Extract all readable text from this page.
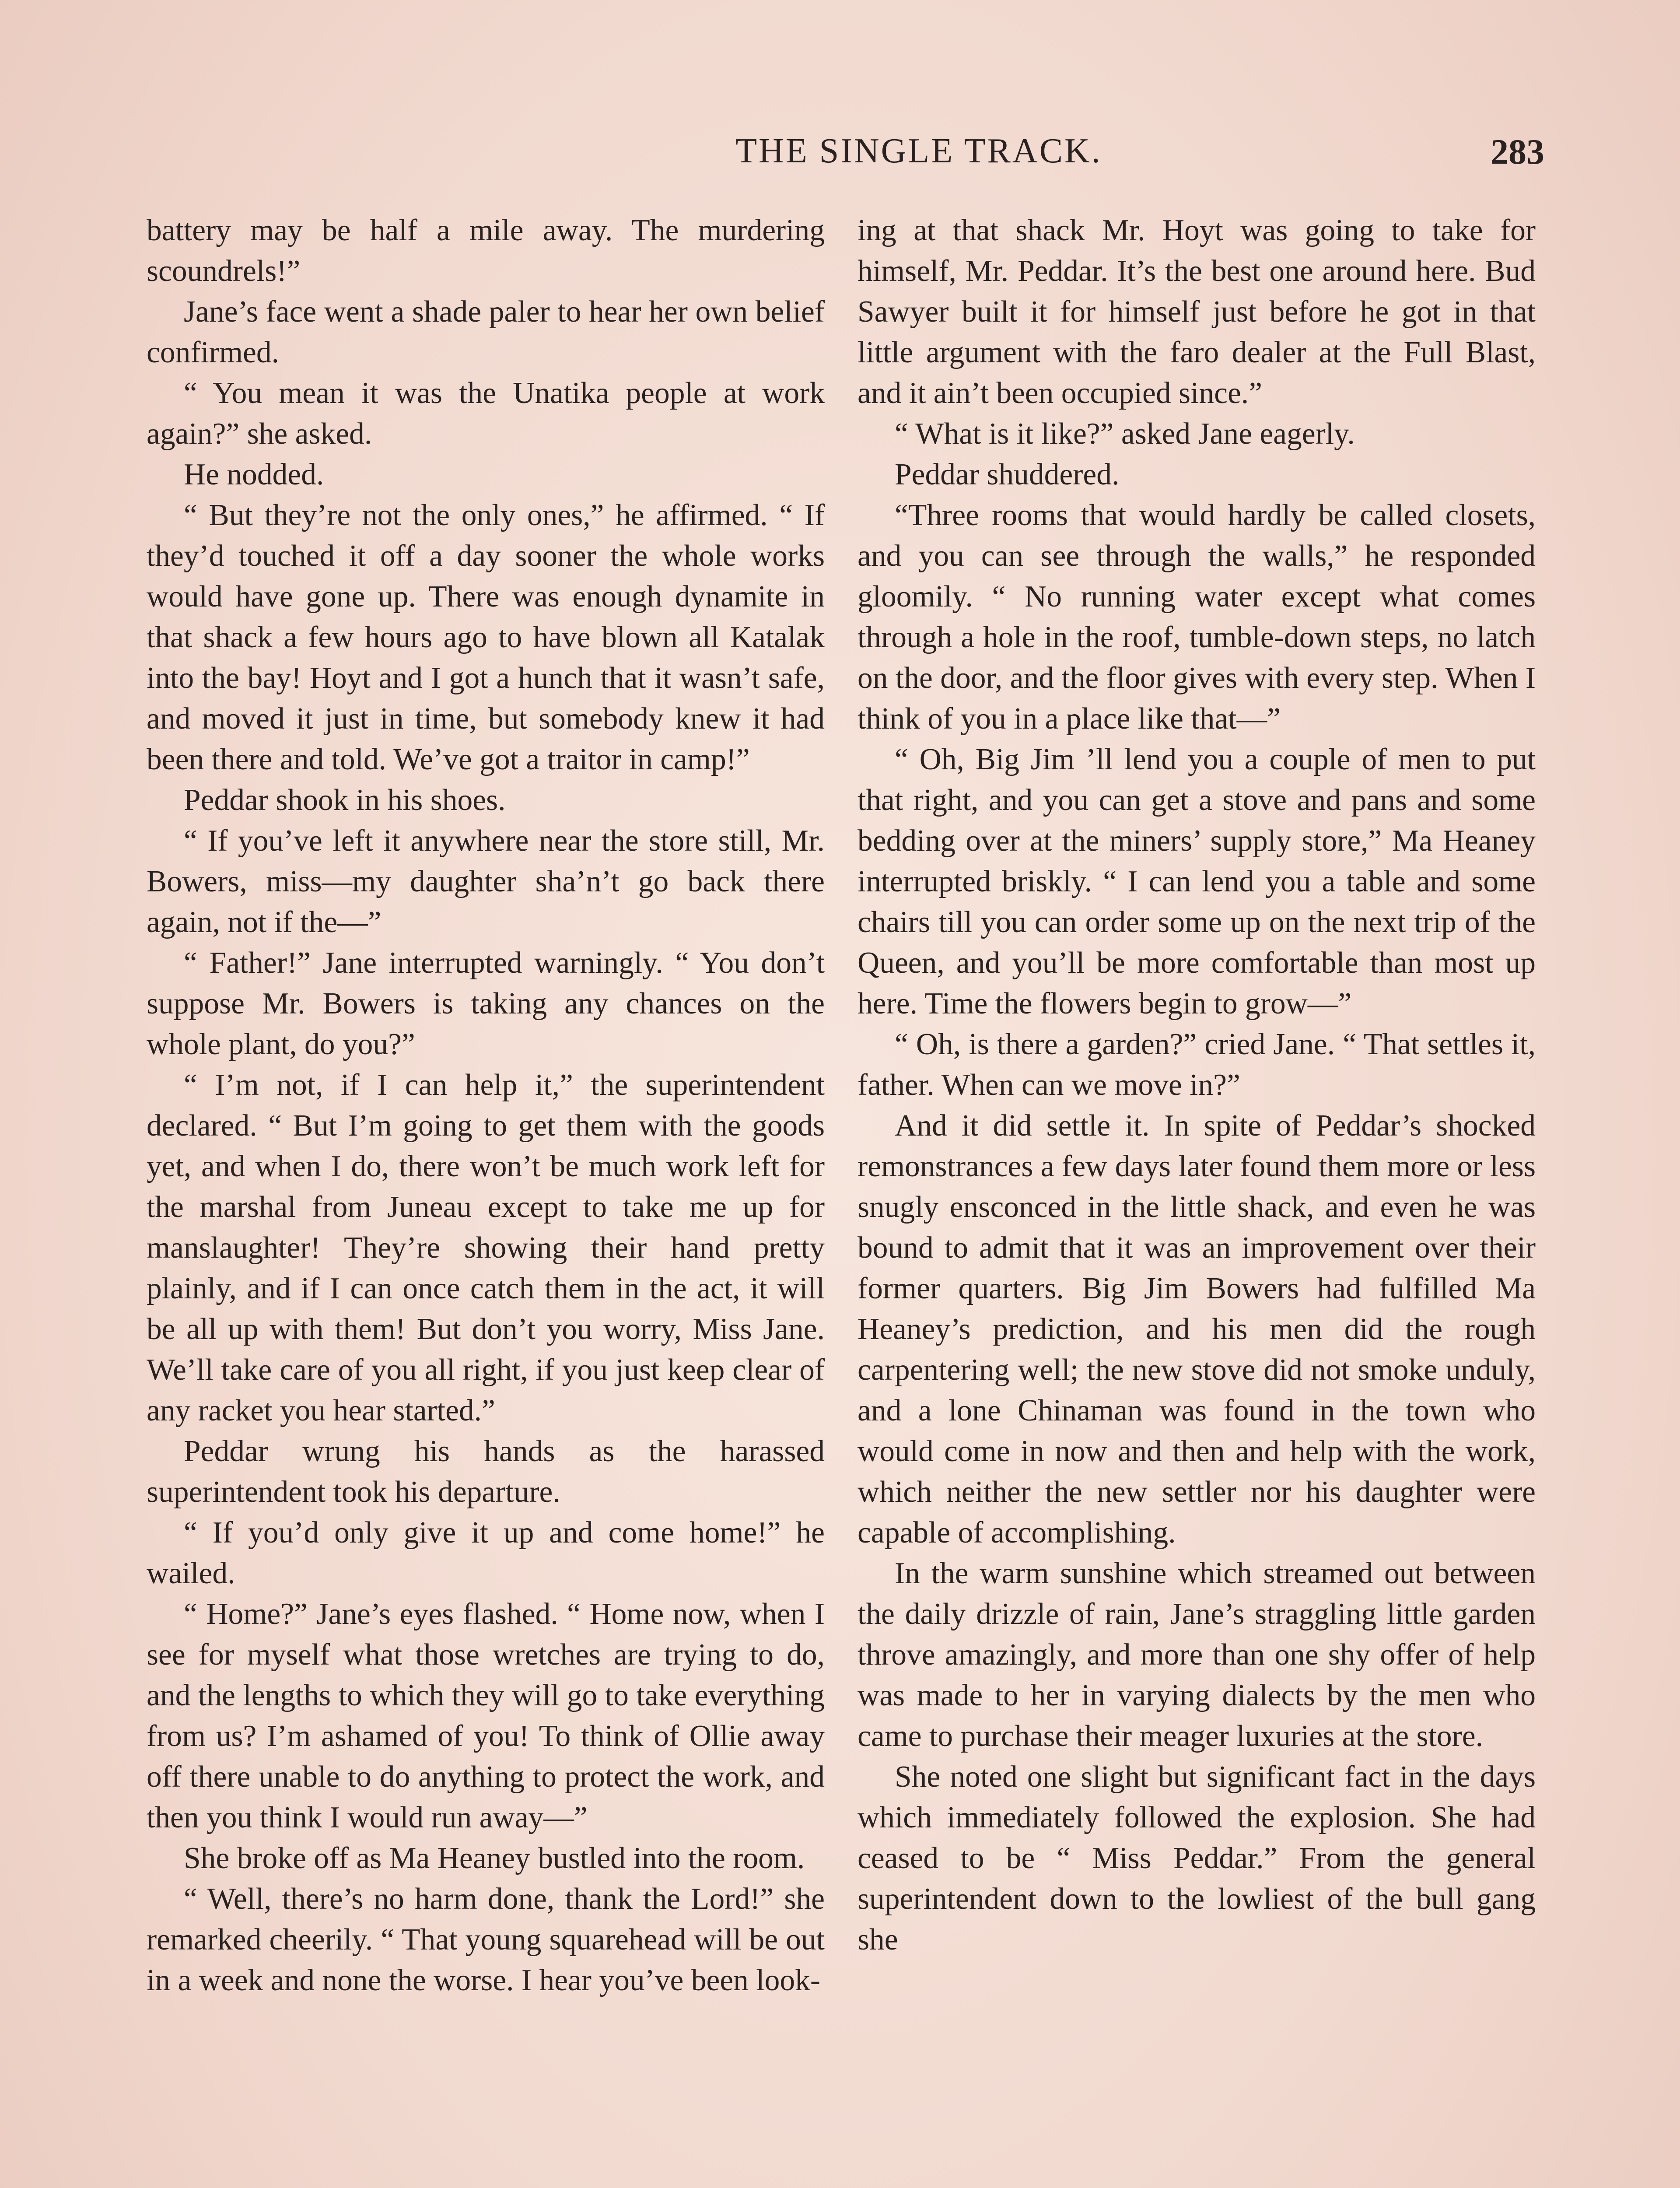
THE SINGLE TRACK.	283

battery may be half a mile away. The murdering scoundrels!”

Jane’s face went a shade paler to hear her own belief confirmed.

“ You mean it was the Unatika people at work again?” she asked.

He nodded.

“ But they’re not the only ones,” he affirmed. “ If they’d touched it off a day sooner the whole works would have gone up. There was enough dynamite in that shack a few hours ago to have blown all Katalak into the bay! Hoyt and I got a hunch that it wasn’t safe, and moved it just in time, but somebody knew it had been there and told. We’ve got a traitor in camp!”

Peddar shook in his shoes.

“ If you’ve left it anywhere near the store still, Mr. Bowers, miss—my daughter sha’n’t go back there again, not if the—”

“ Father!” Jane interrupted warningly. “ You don’t suppose Mr. Bowers is taking any chances on the whole plant, do you?”

“ I’m not, if I can help it,” the superintendent declared. “ But I’m going to get them with the goods yet, and when I do, there won’t be much work left for the marshal from Juneau except to take me up for manslaughter! They’re showing their hand pretty plainly, and if I can once catch them in the act, it will be all up with them! But don’t you worry, Miss Jane. We’ll take care of you all right, if you just keep clear of any racket you hear started.”

Peddar wrung his hands as the harassed superintendent took his departure.

“ If you’d only give it up and come home!” he wailed.

“ Home?” Jane’s eyes flashed. “ Home now, when I see for myself what those wretches are trying to do, and the lengths to which they will go to take everything from us? I’m ashamed of you! To think of Ollie away off there unable to do anything to protect the work, and then you think I would run away—”

She broke off as Ma Heaney bustled into the room.

“ Well, there’s no harm done, thank the Lord!” she remarked cheerily. “ That young squarehead will be out in a week and none the worse. I hear you’ve been look-

ing at that shack Mr. Hoyt was going to take for himself, Mr. Peddar. It’s the best one around here. Bud Sawyer built it for himself just before he got in that little argument with the faro dealer at the Full Blast, and it ain’t been occupied since.”

“ What is it like?” asked Jane eagerly.

Peddar shuddered.

“Three rooms that would hardly be called closets, and you can see through the walls,” he responded gloomily. “ No running water except what comes through a hole in the roof, tumble-down steps, no latch on the door, and the floor gives with every step. When I think of you in a place like that—”

“ Oh, Big Jim ’ll lend you a couple of men to put that right, and you can get a stove and pans and some bedding over at the miners’ supply store,” Ma Heaney interrupted briskly. “ I can lend you a table and some chairs till you can order some up on the next trip of the Queen, and you’ll be more comfortable than most up here. Time the flowers begin to grow—”

“ Oh, is there a garden?” cried Jane. “ That settles it, father. When can we move in?”

And it did settle it. In spite of Peddar’s shocked remonstrances a few days later found them more or less snugly ensconced in the little shack, and even he was bound to admit that it was an improvement over their former quarters. Big Jim Bowers had fulfilled Ma Heaney’s prediction, and his men did the rough carpentering well; the new stove did not smoke unduly, and a lone Chinaman was found in the town who would come in now and then and help with the work, which neither the new settler nor his daughter were capable of accomplishing.

In the warm sunshine which streamed out between the daily drizzle of rain, Jane’s straggling little garden throve amazingly, and more than one shy offer of help was made to her in varying dialects by the men who came to purchase their meager luxuries at the store.

She noted one slight but significant fact in the days which immediately followed the explosion. She had ceased to be “ Miss Peddar.” From the general superintendent down to the lowliest of the bull gang she
